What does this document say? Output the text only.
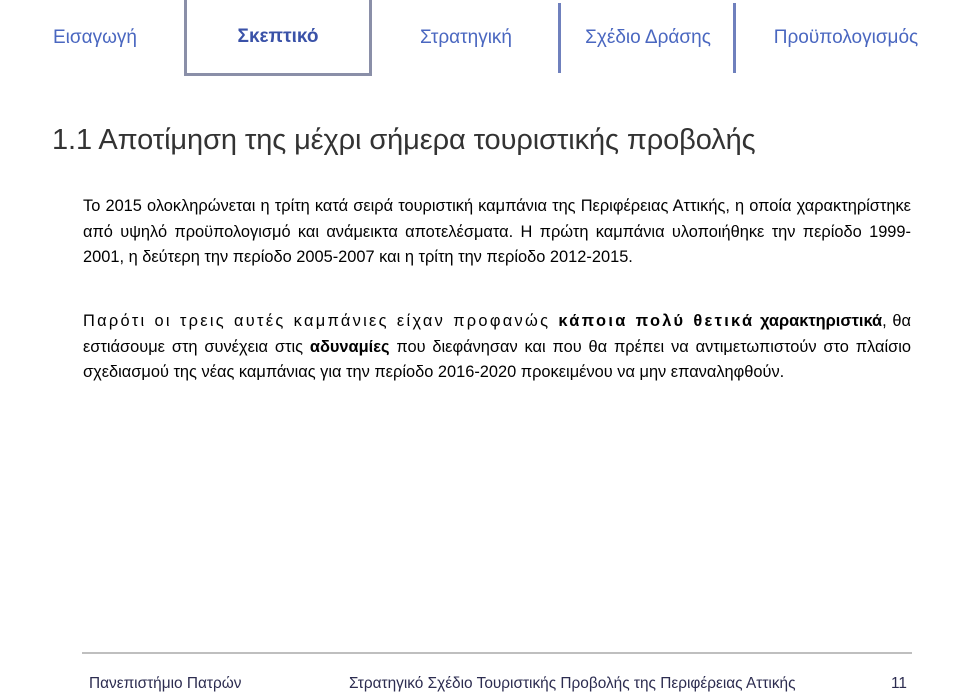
Εισαγωγή	Σκεπτικό	Στρατηγική	Σχέδιο Δράσης	Προϋπολογισμός
1.1 Αποτίμηση της μέχρι σήμερα τουριστικής προβολής
Το 2015 ολοκληρώνεται η τρίτη κατά σειρά τουριστική καμπάνια της Περιφέρειας Αττικής, η οποία χαρακτηρίστηκε από υψηλό προϋπολογισμό και ανάμεικτα αποτελέσματα. Η πρώτη καμπάνια υλοποιήθηκε την περίοδο 1999-2001, η δεύτερη την περίοδο 2005-2007 και η τρίτη την περίοδο 2012-2015.
Παρότι οι τρεις αυτές καμπάνιες είχαν προφανώς κάποια πολύ θετικά χαρακτηριστικά, θα εστιάσουμε στη συνέχεια στις αδυναμίες που διεφάνησαν και που θα πρέπει να αντιμετωπιστούν στο πλαίσιο σχεδιασμού της νέας καμπάνιας για την περίοδο 2016-2020 προκειμένου να μην επαναληφθούν.
Πανεπιστήμιο Πατρών	Στρατηγικό Σχέδιο Τουριστικής Προβολής της Περιφέρειας Αττικής	11
